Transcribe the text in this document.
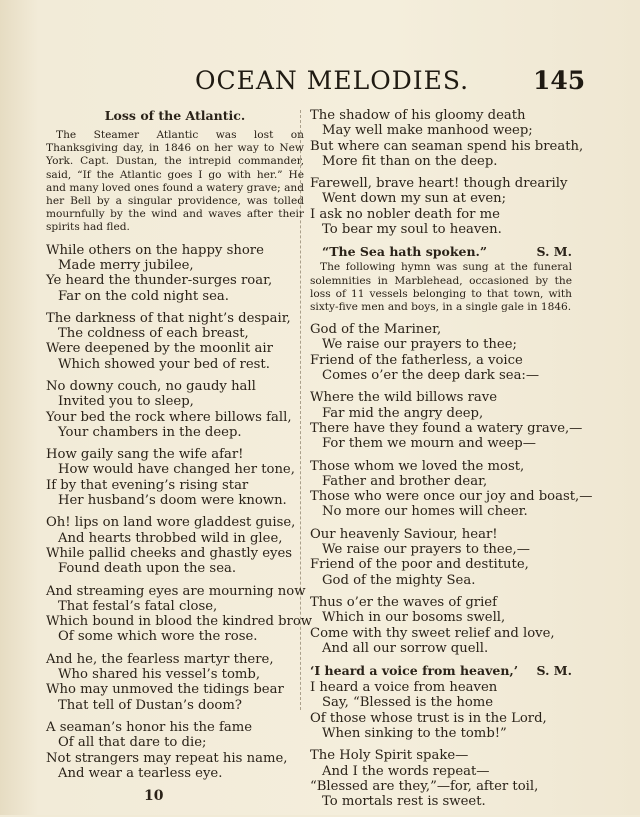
OCEAN MELODIES.	145
Loss of the Atlantic.
The Steamer Atlantic was lost on Thanksgiving day, in 1846 on her way to New York. Capt. Dustan, the intrepid commander, said, “If the Atlantic goes I go with her.” He and many loved ones found a watery grave; and her Bell by a singular providence, was tolled mournfully by the wind and waves after their spirits had fled.
While others on the happy shore
Made merry jubilee,
Ye heard the thunder-surges roar,
Far on the cold night sea.
The darkness of that night’s despair,
The coldness of each breast,
Were deepened by the moonlit air
Which showed your bed of rest.
No downy couch, no gaudy hall
Invited you to sleep,
Your bed the rock where billows fall,
Your chambers in the deep.
How gaily sang the wife afar!
How would have changed her tone,
If by that evening’s rising star
Her husband’s doom were known.
Oh! lips on land wore gladdest guise,
And hearts throbbed wild in glee,
While pallid cheeks and ghastly eyes
Found death upon the sea.
And streaming eyes are mourning now
That festal’s fatal close,
Which bound in blood the kindred brow
Of some which wore the rose.
And he, the fearless martyr there,
Who shared his vessel’s tomb,
Who may unmoved the tidings bear
That tell of Dustan’s doom?
A seaman’s honor his the fame
Of all that dare to die;
Not strangers may repeat his name,
And wear a tearless eye.
10
The shadow of his gloomy death
May well make manhood weep;
But where can seaman spend his breath,
More fit than on the deep.
Farewell, brave heart! though drearily
Went down my sun at even;
I ask no nobler death for me
To bear my soul to heaven.
“The Sea hath spoken.”	S. M.
The following hymn was sung at the funeral solemnities in Marblehead, occasioned by the loss of 11 vessels belonging to that town, with sixty-five men and boys, in a single gale in 1846.
God of the Mariner,
We raise our prayers to thee;
Friend of the fatherless, a voice
Comes o’er the deep dark sea:—
Where the wild billows rave
Far mid the angry deep,
There have they found a watery grave,—
For them we mourn and weep—
Those whom we loved the most,
Father and brother dear,
Those who were once our joy and boast,—
No more our homes will cheer.
Our heavenly Saviour, hear!
We raise our prayers to thee,—
Friend of the poor and destitute,
God of the mighty Sea.
Thus o’er the waves of grief
Which in our bosoms swell,
Come with thy sweet relief and love,
And all our sorrow quell.
‘I heard a voice from heaven,’ S. M.
I heard a voice from heaven
Say, “Blessed is the home
Of those whose trust is in the Lord,
When sinking to the tomb!”
The Holy Spirit spake—
And I the words repeat—
“Blessed are they,”—for, after toil,
To mortals rest is sweet.
